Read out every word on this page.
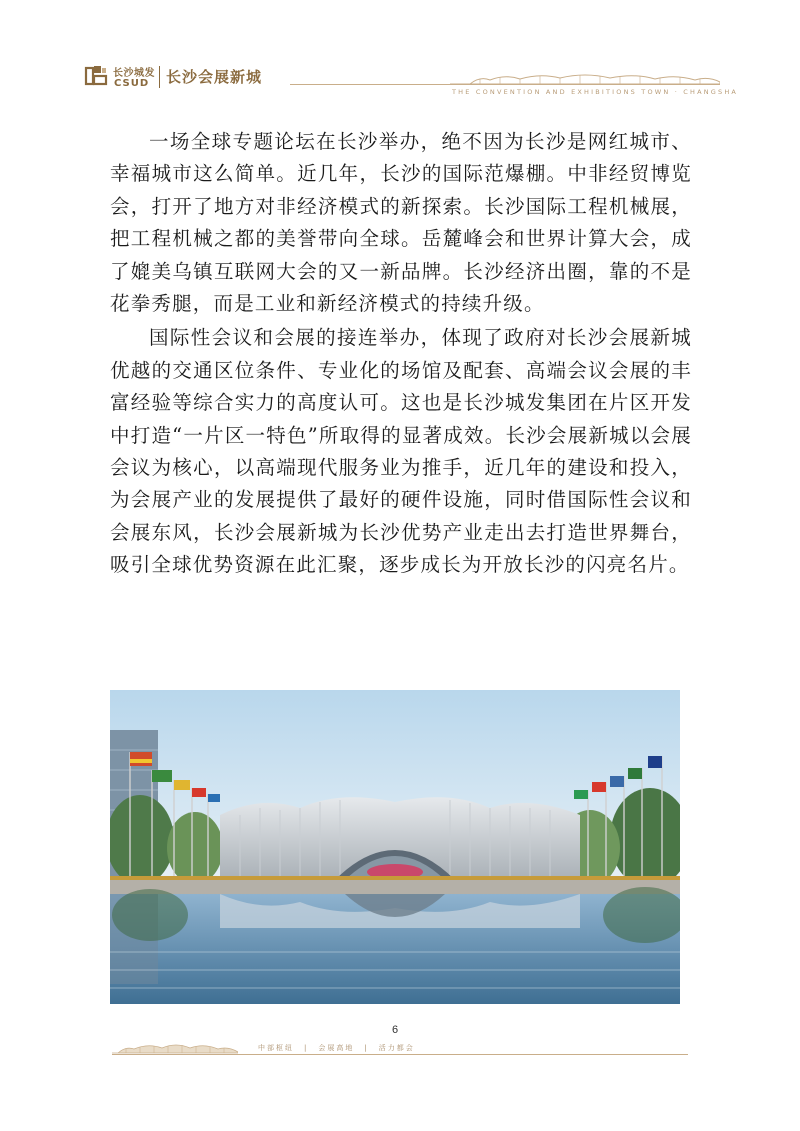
长沙城发
CSUD 长沙会展新城
THE CONVENTION AND EXHIBITIONS TOWN · CHANGSHA

一场全球专题论坛在长沙举办，绝不因为长沙是网红城市、幸福城市这么简单。近几年，长沙的国际范爆棚。中非经贸博览会，打开了地方对非经济模式的新探索。长沙国际工程机械展，把工程机械之都的美誉带向全球。岳麓峰会和世界计算大会，成了媲美乌镇互联网大会的又一新品牌。长沙经济出圈，靠的不是花拳秀腿，而是工业和新经济模式的持续升级。

国际性会议和会展的接连举办，体现了政府对长沙会展新城优越的交通区位条件、专业化的场馆及配套、高端会议会展的丰富经验等综合实力的高度认可。这也是长沙城发集团在片区开发中打造“一片区一特色”所取得的显著成效。长沙会展新城以会展会议为核心，以高端现代服务业为推手，近几年的建设和投入，为会展产业的发展提供了最好的硬件设施，同时借国际性会议和会展东风，长沙会展新城为长沙优势产业走出去打造世界舞台，吸引全球优势资源在此汇聚，逐步成长为开放长沙的闪亮名片。

6
中部枢纽 | 会展高地 | 活力都会
